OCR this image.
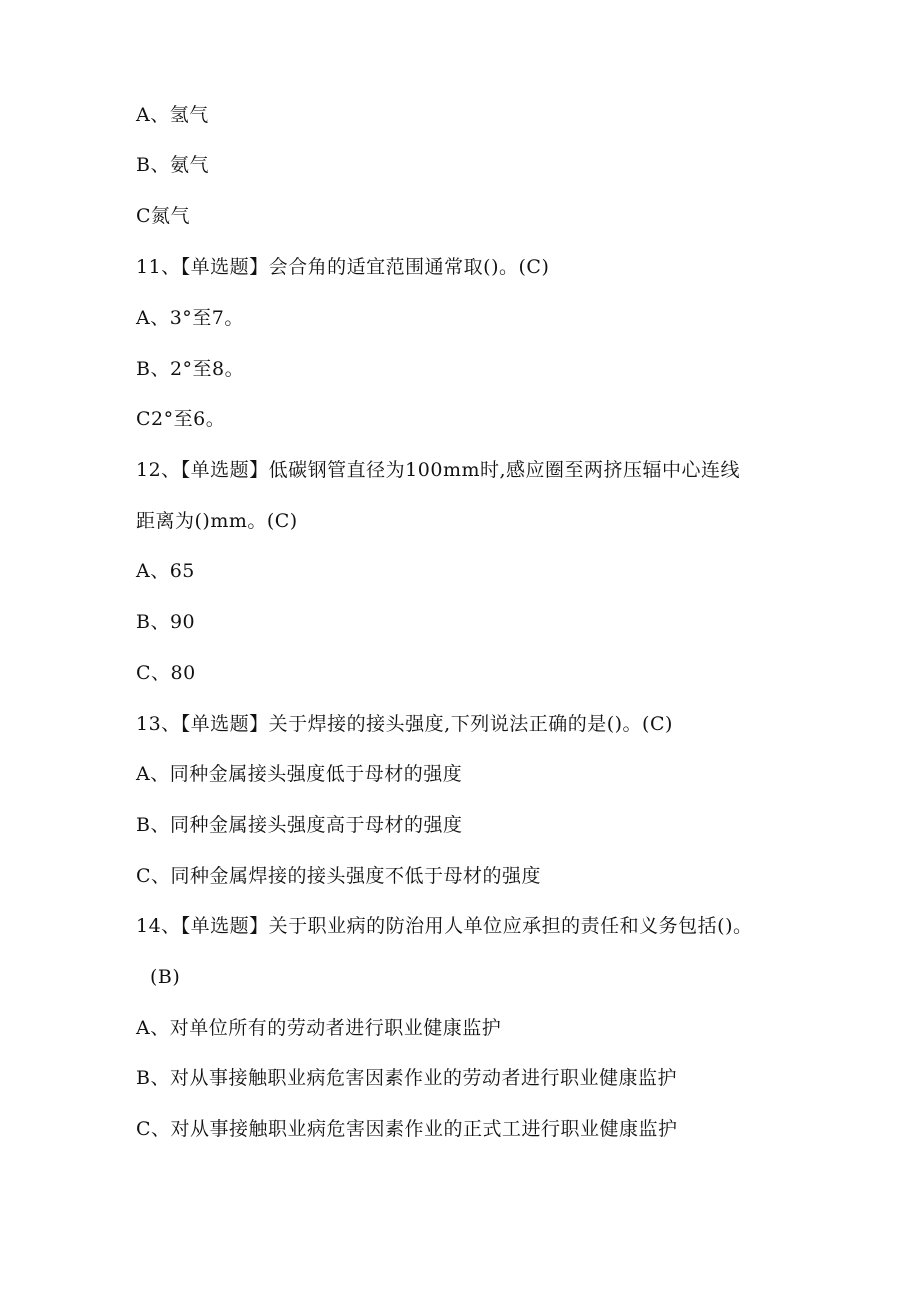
A、氢气
B、氨气
C氮气
11、【单选题】会合角的适宜范围通常取()。(C)
A、3°至7。
B、2°至8。
C2°至6。
12、【单选题】低碳钢管直径为100mm时,感应圈至两挤压辐中心连线
距离为()mm。(C)
A、65
B、90
C、80
13、【单选题】关于焊接的接头强度,下列说法正确的是()。(C)
A、同种金属接头强度低于母材的强度
B、同种金属接头强度高于母材的强度
C、同种金属焊接的接头强度不低于母材的强度
14、【单选题】关于职业病的防治用人单位应承担的责任和义务包括()。
(B)
A、对单位所有的劳动者进行职业健康监护
B、对从事接触职业病危害因素作业的劳动者进行职业健康监护
C、对从事接触职业病危害因素作业的正式工进行职业健康监护
